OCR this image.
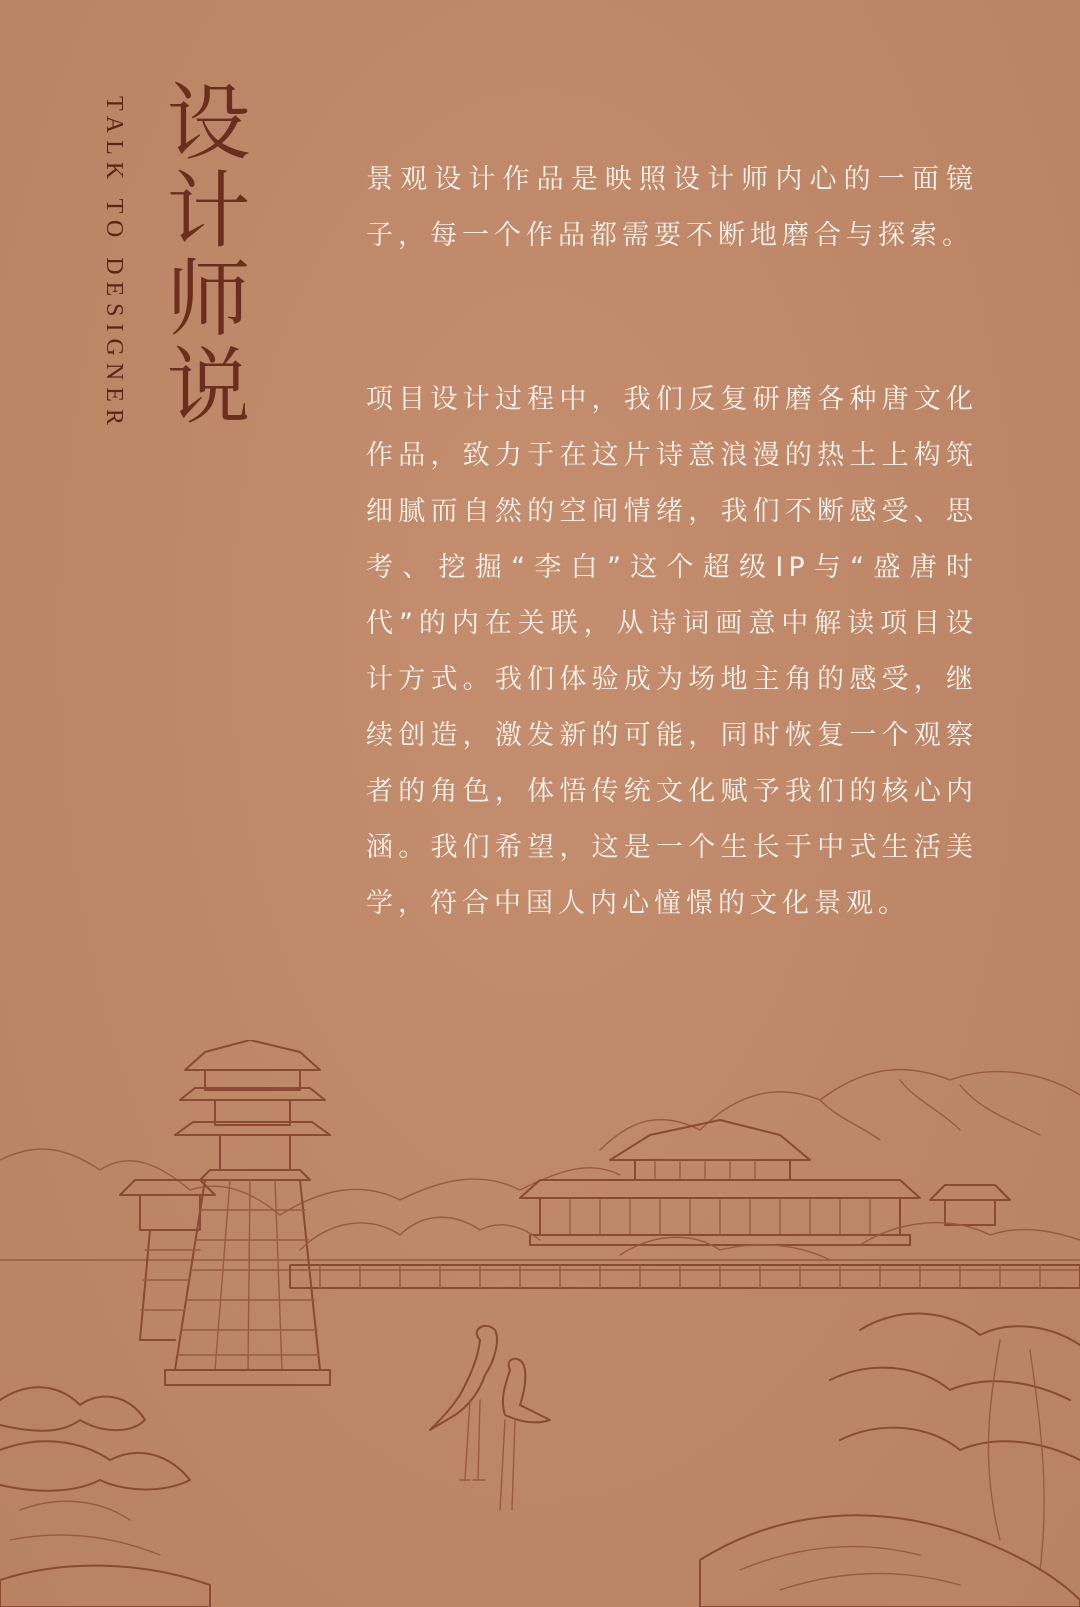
TALK TO DESIGNER 设计师说	景观设计作品是映照设计师内心的一面镜子，每一个作品都需要不断地磨合与探索。
项目设计过程中，我们反复研磨各种唐文化作品，致力于在这片诗意浪漫的热土上构筑细腻而自然的空间情绪，我们不断感受、思考、挖掘“李白”这个超级IP与“盛唐时代”的内在关联，从诗词画意中解读项目设计方式。我们体验成为场地主角的感受，继续创造，激发新的可能，同时恢复一个观察者的角色，体悟传统文化赋予我们的核心内涵。我们希望，这是一个生长于中式生活美学，符合中国人内心憧憬的文化景观。
